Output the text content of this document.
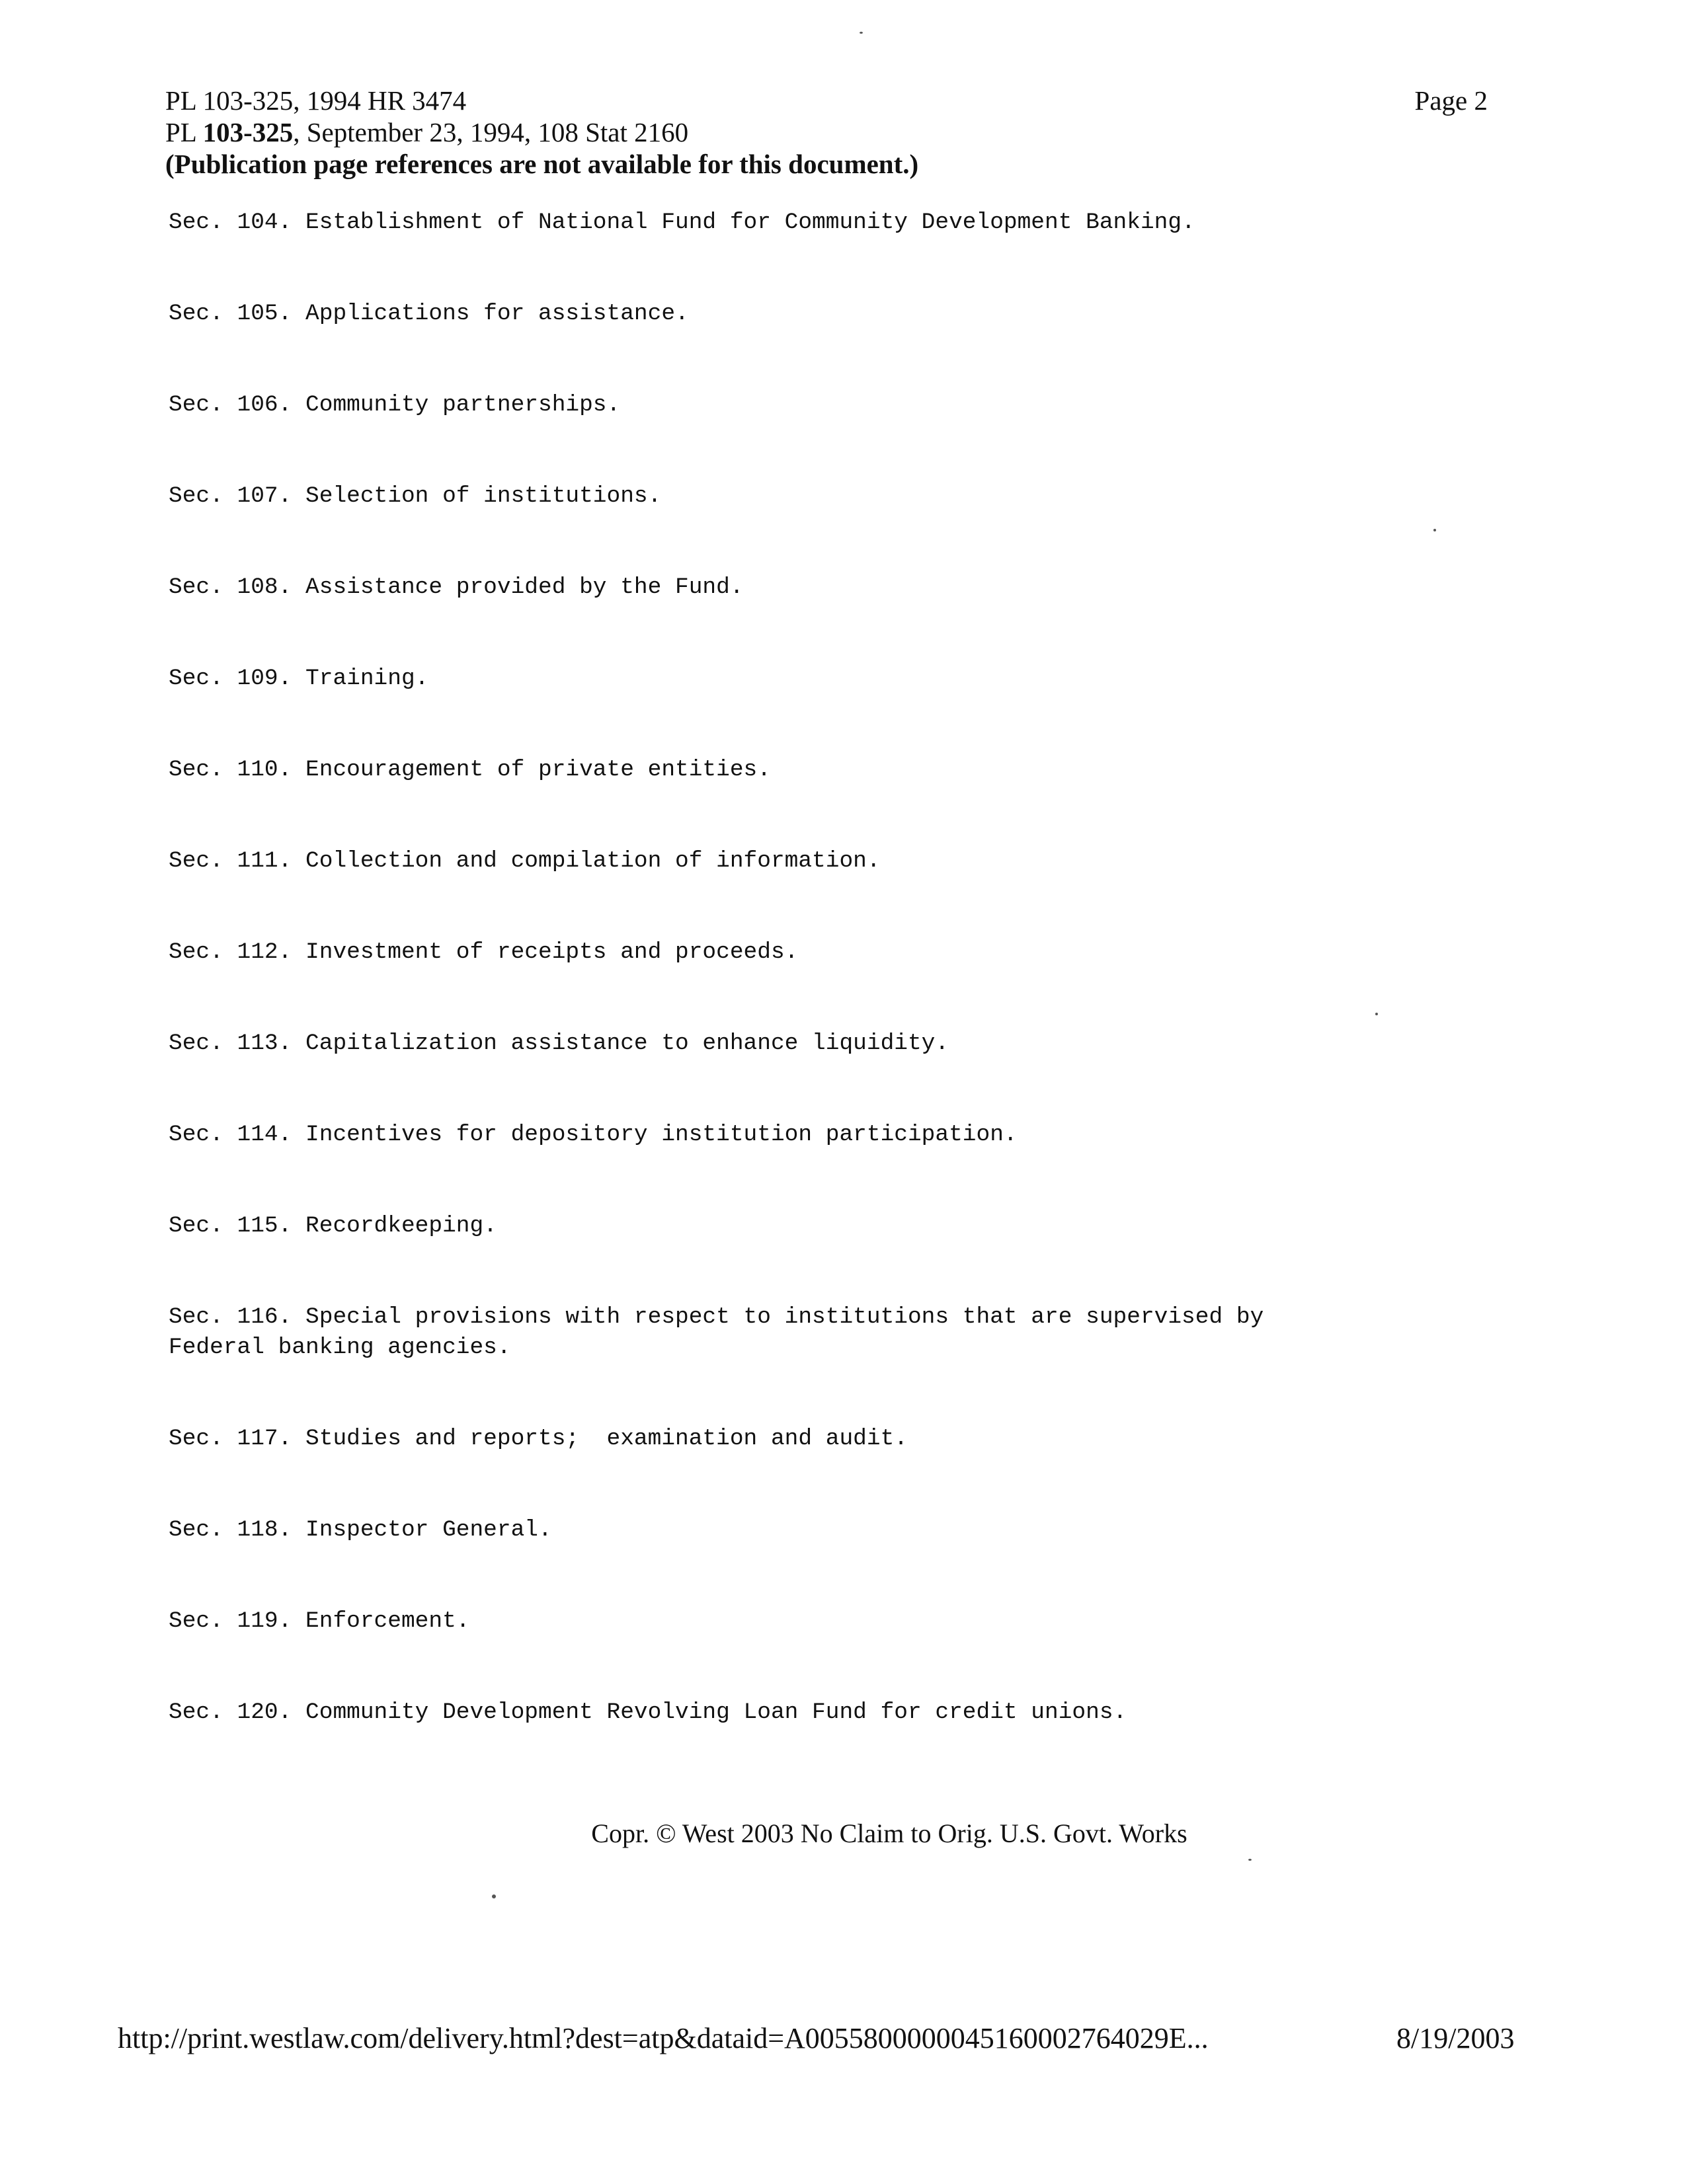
PL 103-325, 1994 HR 3474
PL 103-325, September 23, 1994, 108 Stat 2160
(Publication page references are not available for this document.)
Page 2
Sec. 104. Establishment of National Fund for Community Development Banking.
Sec. 105. Applications for assistance.
Sec. 106. Community partnerships.
Sec. 107. Selection of institutions.
Sec. 108. Assistance provided by the Fund.
Sec. 109. Training.
Sec. 110. Encouragement of private entities.
Sec. 111. Collection and compilation of information.
Sec. 112. Investment of receipts and proceeds.
Sec. 113. Capitalization assistance to enhance liquidity.
Sec. 114. Incentives for depository institution participation.
Sec. 115. Recordkeeping.
Sec. 116. Special provisions with respect to institutions that are supervised by
Federal banking agencies.
Sec. 117. Studies and reports;  examination and audit.
Sec. 118. Inspector General.
Sec. 119. Enforcement.
Sec. 120. Community Development Revolving Loan Fund for credit unions.
Copr. © West 2003 No Claim to Orig. U.S. Govt. Works
http://print.westlaw.com/delivery.html?dest=atp&dataid=A0055800000045160002764029E...	8/19/2003
